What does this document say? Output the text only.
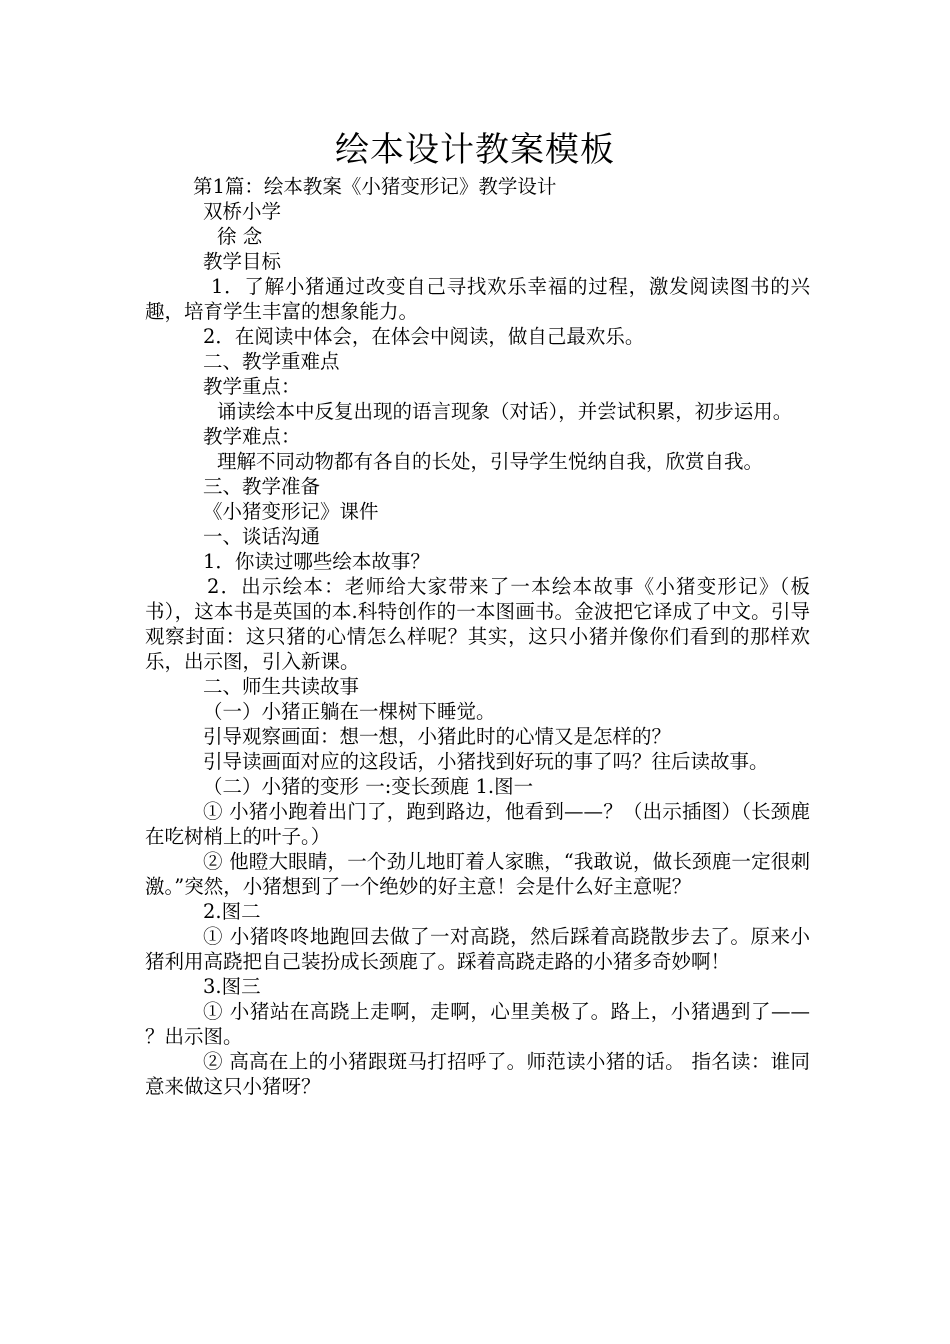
绘本设计教案模板

第1篇：绘本教案《小猪变形记》教学设计

双桥小学

徐 念

教学目标

1．了解小猪通过改变自己寻找欢乐幸福的过程，激发阅读图书的兴趣，培育学生丰富的想象能力。

2．在阅读中体会，在体会中阅读，做自己最欢乐。

二、教学重难点

教学重点：

诵读绘本中反复出现的语言现象（对话），并尝试积累，初步运用。

教学难点：

理解不同动物都有各自的长处，引导学生悦纳自我，欣赏自我。

三、教学准备

《小猪变形记》课件

一、谈话沟通

1．你读过哪些绘本故事？

2．出示绘本：老师给大家带来了一本绘本故事《小猪变形记》（板书），这本书是英国的本.科特创作的一本图画书。金波把它译成了中文。引导观察封面：这只猪的心情怎么样呢？其实，这只小猪并像你们看到的那样欢乐，出示图，引入新课。

二、师生共读故事

（一）小猪正躺在一棵树下睡觉。

引导观察画面：想一想，小猪此时的心情又是怎样的？

引导读画面对应的这段话，小猪找到好玩的事了吗？往后读故事。

（二）小猪的变形 一:变长颈鹿 1.图一

① 小猪小跑着出门了，跑到路边，他看到——？（出示插图）（长颈鹿在吃树梢上的叶子。）

② 他瞪大眼睛，一个劲儿地盯着人家瞧，“我敢说，做长颈鹿一定很刺激。”突然，小猪想到了一个绝妙的好主意！会是什么好主意呢？

2.图二

① 小猪咚咚地跑回去做了一对高跷，然后踩着高跷散步去了。原来小猪利用高跷把自己装扮成长颈鹿了。踩着高跷走路的小猪多奇妙啊！

3.图三

① 小猪站在高跷上走啊，走啊，心里美极了。路上，小猪遇到了—— ？出示图。

② 高高在上的小猪跟斑马打招呼了。师范读小猪的话。 指名读：谁同意来做这只小猪呀？
